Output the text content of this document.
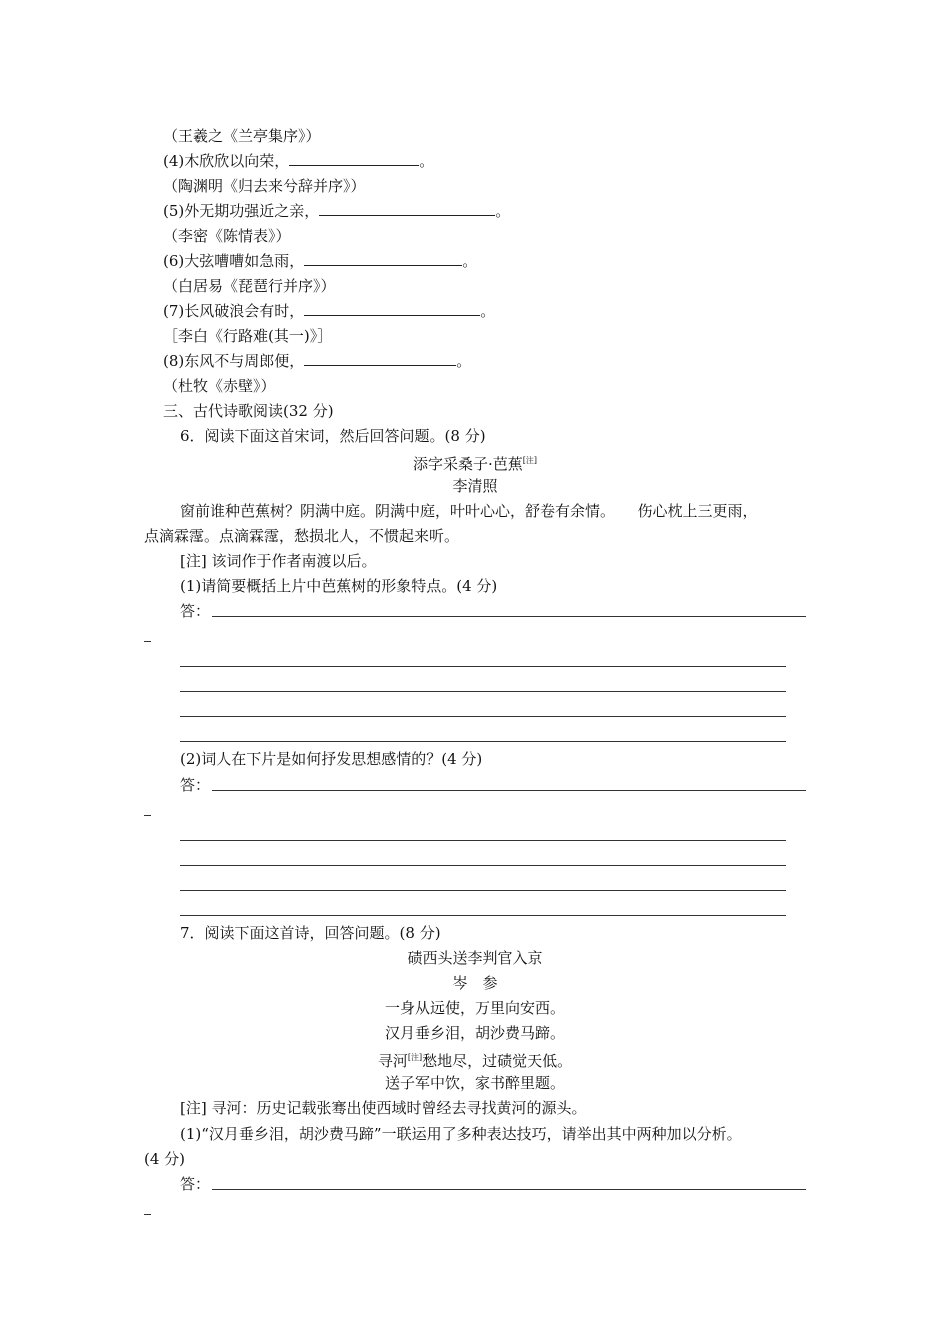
（王羲之《兰亭集序》）
(4)木欣欣以向荣，	。
（陶渊明《归去来兮辞并序》）
(5)外无期功强近之亲，	。
（李密《陈情表》）
(6)大弦嘈嘈如急雨，	。
（白居易《琵琶行并序》）
(7)长风破浪会有时，	。
［李白《行路难(其一)》］
(8)东风不与周郎便，	。
（杜牧《赤壁》）
三、古代诗歌阅读(32 分)
6．阅读下面这首宋词，然后回答问题。(8 分)
添字采桑子·芭蕉[注]
李清照
窗前谁种芭蕉树？阴满中庭。阴满中庭，叶叶心心，舒卷有余情。　　伤心枕上三更雨，
点滴霖霪。点滴霖霪，愁损北人，不惯起来听。
[注] 该词作于作者南渡以后。
(1)请简要概括上片中芭蕉树的形象特点。(4 分)
答：
(2)词人在下片是如何抒发思想感情的？(4 分)
答：
7．阅读下面这首诗，回答问题。(8 分)
碛西头送李判官入京
岑　参
一身从远使，万里向安西。
汉月垂乡泪，胡沙费马蹄。
寻河[注]愁地尽，过碛觉天低。
送子军中饮，家书醉里题。
[注] 寻河：历史记载张骞出使西域时曾经去寻找黄河的源头。
(1)“汉月垂乡泪，胡沙费马蹄”一联运用了多种表达技巧，请举出其中两种加以分析。
(4 分)
答：
